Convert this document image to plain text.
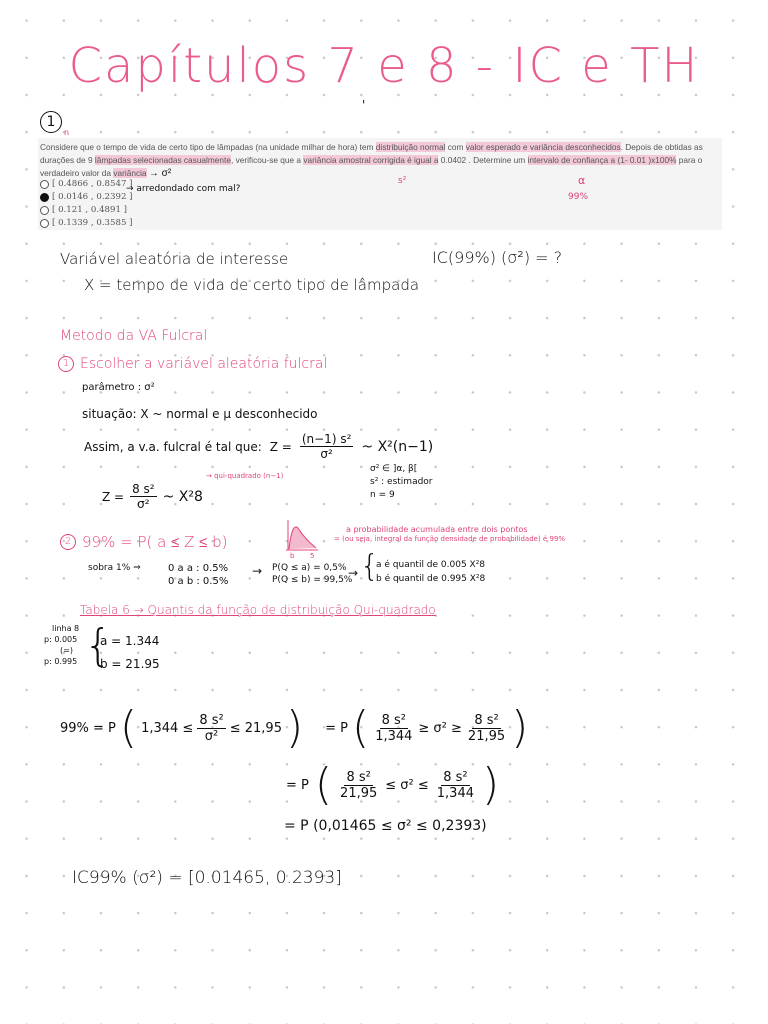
Capítulos 7 e 8 - IC e TH
'
1
n
Considere que o tempo de vida de certo tipo de lâmpadas (na unidade milhar de hora) tem distribuição normal com valor esperado e variância desconhecidos. Depois de obtidas as durações de 9 lâmpadas selecionadas casualmente, verificou-se que a variância amostral corrigida é igual a 0.0402 . Determine um intervalo de confiança a (1- 0.01 )x100% para o verdadeiro valor da variância → σ²
s²	α
99%
[ 0.4866 , 0.8547 ]
[ 0.0146 , 0.2392 ]
[ 0.121 , 0.4891 ]
[ 0.1339 , 0.3585 ]
→ arredondado com mal?
Variável aleatória de interesse
X = tempo de vida de certo tipo de lâmpada
IC(99%) (σ²) = ?
Metodo da VA Fulcral
1 Escolher a variável aleatória fulcral
parâmetro : σ²
situação: X ~ normal e μ desconhecido
Assim, a v.a. fulcral é tal que: $Z = \frac{\text{(n−1) s²}}{\text{σ²}}$ ~ X²(n−1)
σ² ∈ ]α, β[
s² : estimador
n = 9
$Z = \frac{\text{8 s²}}{\text{σ²}}$ ~ X²8
→ qui-quadrado (n−1)
2 99% = P( a ≤ Z ≤ b)
b 5
a probabilidade acumulada entre dois pontos
= (ou seja, integral da função densidade de probabilidade) é 99%
sobra 1% ⇒	0 a a : 0.5%
0 a b : 0.5%
→ P(Q ≤ a) = 0,5%
P(Q ≤ b) = 99,5%
→ {
a é quantil de 0.005 X²8
b é quantil de 0.995 X²8
Tabela 6 → Quantis da função de distribuição Qui-quadrado
linha 8
p: 0.005
(=)
p: 0.995 {
a = 1.344
b = 21.95
99% = P ( $1,344 \le \frac{\text{8 s²}}{\text{σ²}} \le 21,95$ ) = P ( $\frac{\text{8 s²}}{1,344} \ge \sigma^2 \ge \frac{\text{8 s²}}{21,95}$ )
= P ( $\frac{\text{8 s²}}{21,95} \le \sigma^2 \le \frac{\text{8 s²}}{1,344}$ )
= P (0,01465 ≤ σ² ≤ 0,2393)
IC99% (σ²) = [0.01465, 0.2393]
